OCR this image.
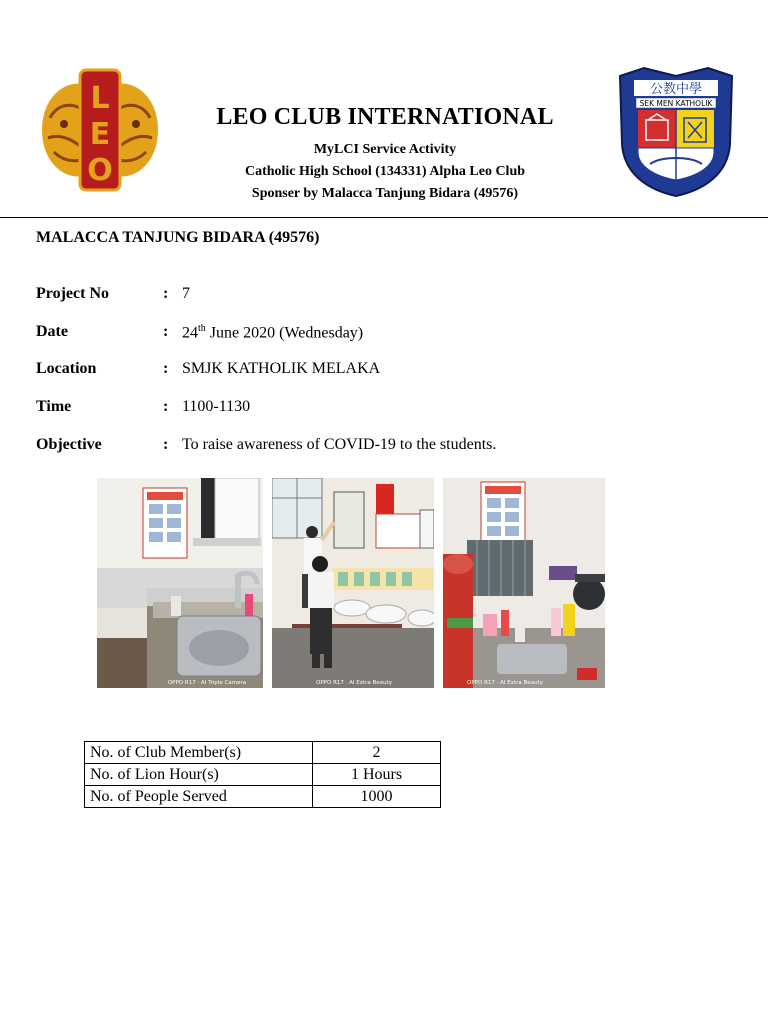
L
E
O
公教中學
SEK MEN KATHOLIK
LEO CLUB INTERNATIONAL
MyLCI Service Activity
Catholic High School (134331) Alpha Leo Club
Sponser by Malacca Tanjung Bidara (49576)
MALACCA TANJUNG BIDARA (49576)
Project No	: 7
Date	: 24th June 2020 (Wednesday)
Location	: SMJK KATHOLIK MELAKA
Time	: 1100-1130
Objective	: To raise awareness of COVID-19 to the students.
OPPO R17 · AI Triple Camera	OPPO R17 · AI Extra Beauty	OPPO R17 · AI Extra Beauty
No. of Club Member(s)	2
No. of Lion Hour(s)	1 Hours
No. of People Served	1000
